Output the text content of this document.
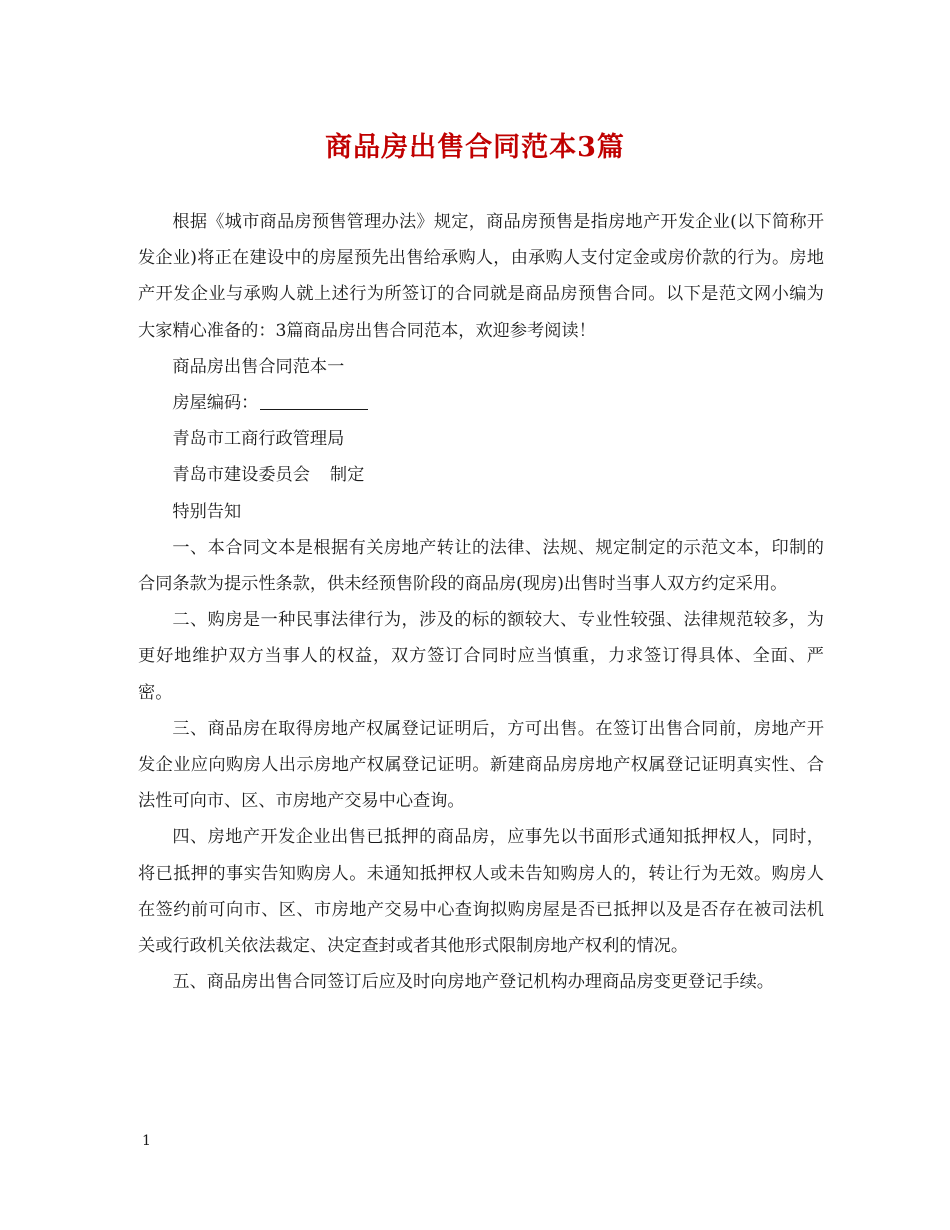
商品房出售合同范本3篇

根据《城市商品房预售管理办法》规定，商品房预售是指房地产开发企业(以下简称开发企业)将正在建设中的房屋预先出售给承购人，由承购人支付定金或房价款的行为。房地产开发企业与承购人就上述行为所签订的合同就是商品房预售合同。以下是范文网小编为大家精心准备的：3篇商品房出售合同范本，欢迎参考阅读！

商品房出售合同范本一

房屋编码：

青岛市工商行政管理局

青岛市建设委员会 制定

特别告知

一、本合同文本是根据有关房地产转让的法律、法规、规定制定的示范文本，印制的合同条款为提示性条款，供未经预售阶段的商品房(现房)出售时当事人双方约定采用。

二、购房是一种民事法律行为，涉及的标的额较大、专业性较强、法律规范较多，为更好地维护双方当事人的权益，双方签订合同时应当慎重，力求签订得具体、全面、严密。

三、商品房在取得房地产权属登记证明后，方可出售。在签订出售合同前，房地产开发企业应向购房人出示房地产权属登记证明。新建商品房房地产权属登记证明真实性、合法性可向市、区、市房地产交易中心查询。

四、房地产开发企业出售已抵押的商品房，应事先以书面形式通知抵押权人，同时，将已抵押的事实告知购房人。未通知抵押权人或未告知购房人的，转让行为无效。购房人在签约前可向市、区、市房地产交易中心查询拟购房屋是否已抵押以及是否存在被司法机关或行政机关依法裁定、决定查封或者其他形式限制房地产权利的情况。

五、商品房出售合同签订后应及时向房地产登记机构办理商品房变更登记手续。

1
